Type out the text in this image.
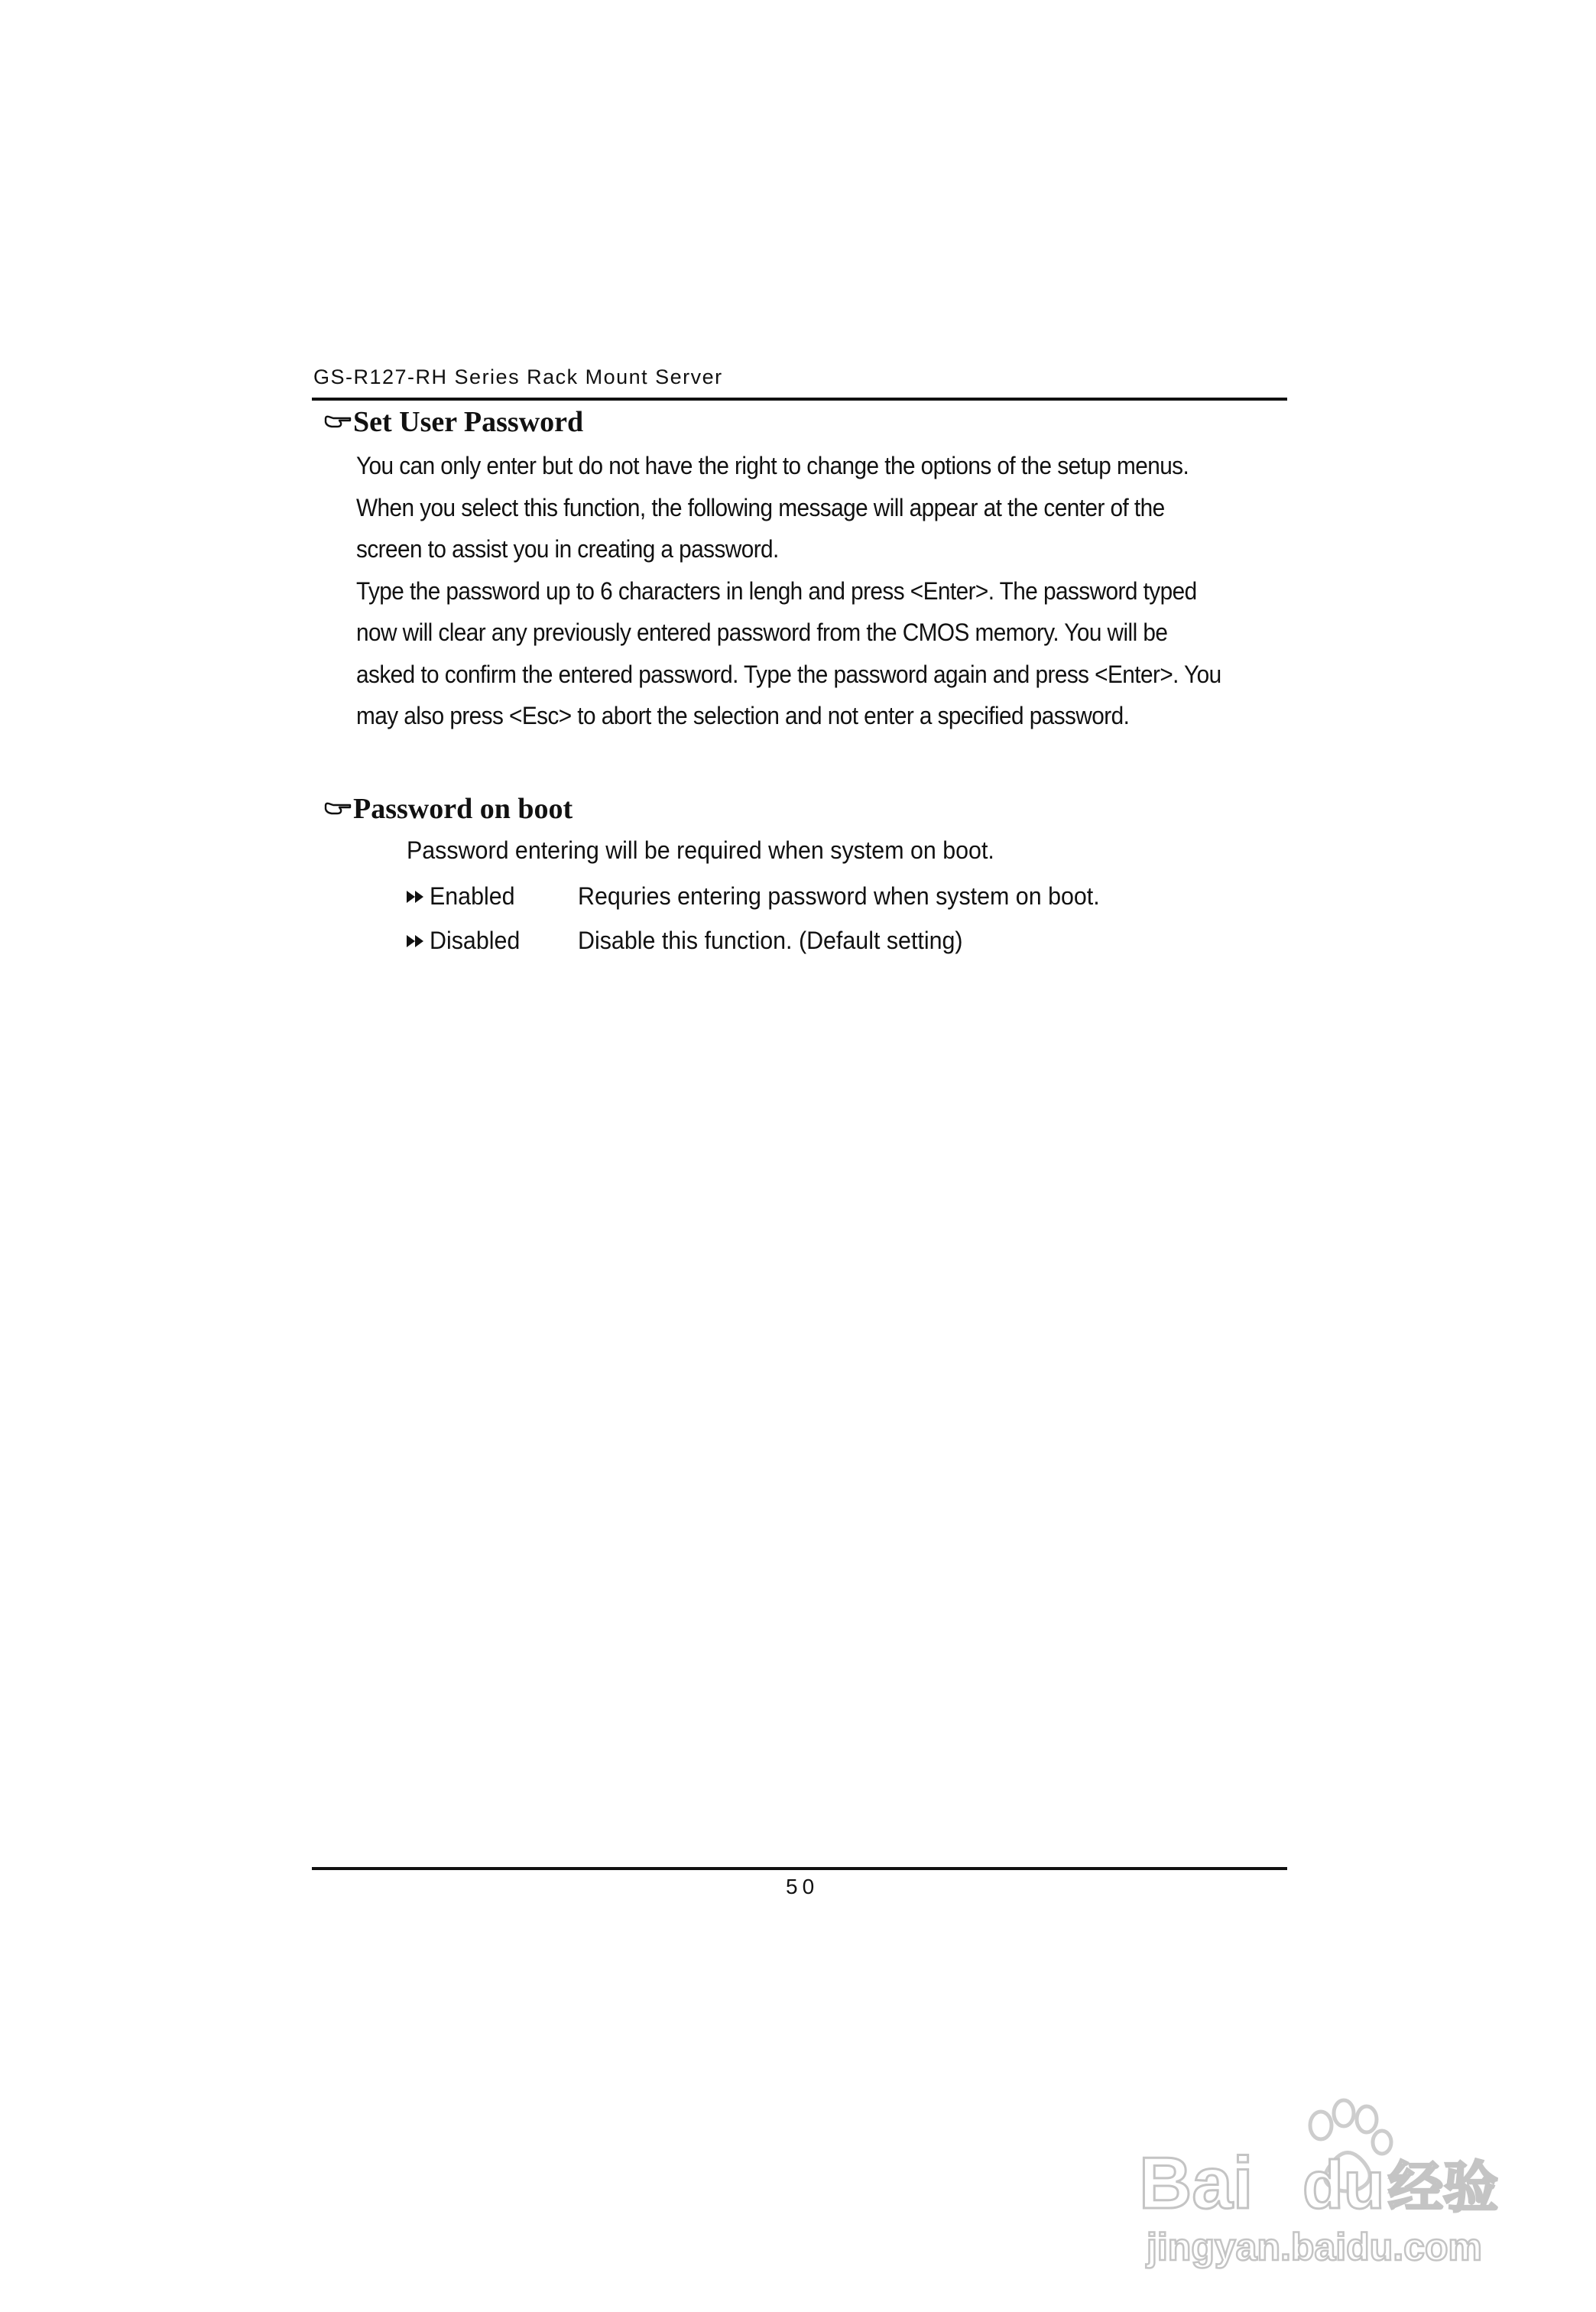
GS-R127-RH Series Rack Mount Server
Set User Password

You can only enter but do not have the right to change the options of the setup menus. When you select this function, the following message will appear at the center of the screen to assist you in creating a password.

Type the password up to 6 characters in lengh and press <Enter>. The password typed now will clear any previously entered password from the CMOS memory. You will be asked to confirm the entered password. Type the password again and press <Enter>. You may also press <Esc> to abort the selection and not enter a specified password.

Password on boot
Password entering will be required when system on boot.
Enabled	Requries entering password when system on boot.
Disabled	Disable this function. (Default setting)
50
Bai du 经验
jingyan.baidu.com
